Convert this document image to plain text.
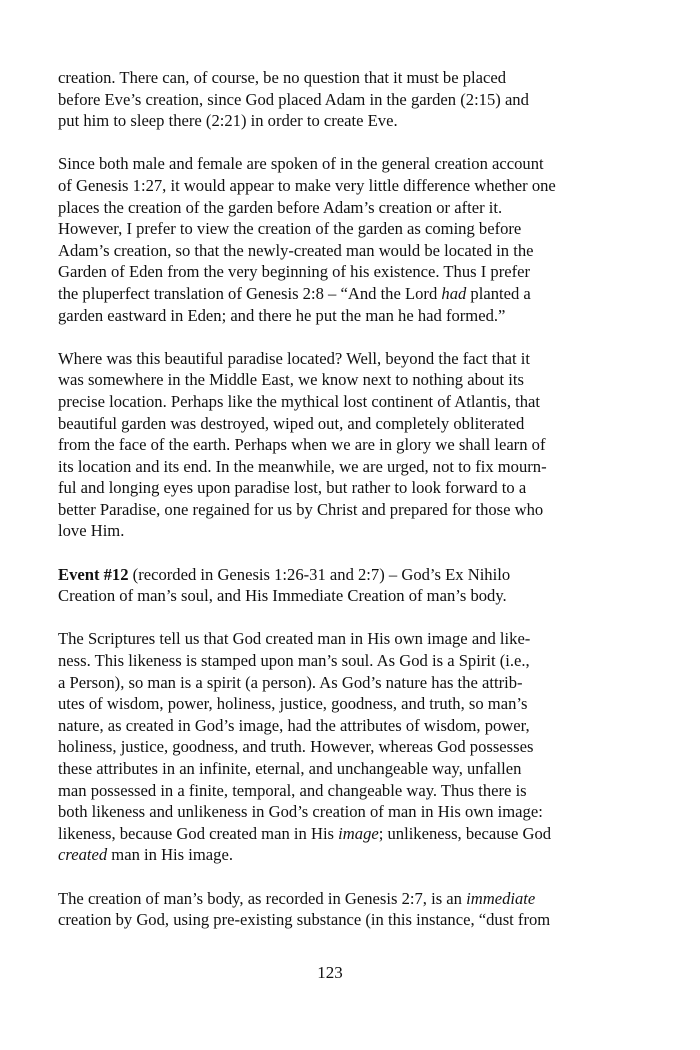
creation. There can, of course, be no question that it must be placed
before Eve’s creation, since God placed Adam in the garden (2:15) and
put him to sleep there (2:21) in order to create Eve.

Since both male and female are spoken of in the general creation account
of Genesis 1:27, it would appear to make very little difference whether one
places the creation of the garden before Adam’s creation or after it.
However, I prefer to view the creation of the garden as coming before
Adam’s creation, so that the newly-created man would be located in the
Garden of Eden from the very beginning of his existence. Thus I prefer
the pluperfect translation of Genesis 2:8 – “And the Lord had planted a
garden eastward in Eden; and there he put the man he had formed.”

Where was this beautiful paradise located? Well, beyond the fact that it
was somewhere in the Middle East, we know next to nothing about its
precise location. Perhaps like the mythical lost continent of Atlantis, that
beautiful garden was destroyed, wiped out, and completely obliterated
from the face of the earth. Perhaps when we are in glory we shall learn of
its location and its end. In the meanwhile, we are urged, not to fix mourn-
ful and longing eyes upon paradise lost, but rather to look forward to a
better Paradise, one regained for us by Christ and prepared for those who
love Him.

Event #12 (recorded in Genesis 1:26-31 and 2:7) – God’s Ex Nihilo
Creation of man’s soul, and His Immediate Creation of man’s body.

The Scriptures tell us that God created man in His own image and like-
ness. This likeness is stamped upon man’s soul. As God is a Spirit (i.e.,
a Person), so man is a spirit (a person). As God’s nature has the attrib-
utes of wisdom, power, holiness, justice, goodness, and truth, so man’s
nature, as created in God’s image, had the attributes of wisdom, power,
holiness, justice, goodness, and truth. However, whereas God possesses
these attributes in an infinite, eternal, and unchangeable way, unfallen
man possessed in a finite, temporal, and changeable way. Thus there is
both likeness and unlikeness in God’s creation of man in His own image:
likeness, because God created man in His image; unlikeness, because God
created man in His image.

The creation of man’s body, as recorded in Genesis 2:7, is an immediate
creation by God, using pre-existing substance (in this instance, “dust from

123
